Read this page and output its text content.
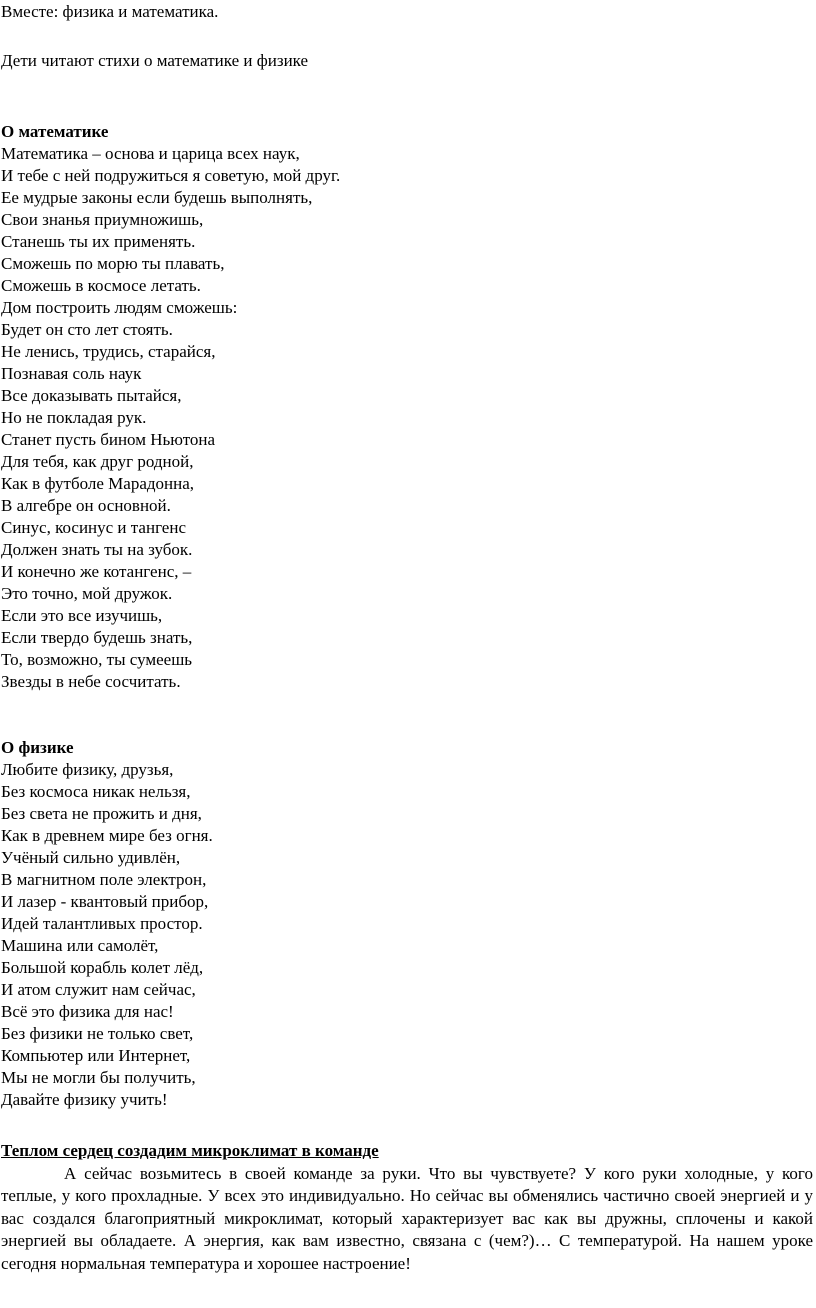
Вместе: физика и математика.
Дети читают стихи о математике и физике
О математике
Математика – основа и царица всех наук,
И тебе с ней подружиться я советую, мой друг.
Ее мудрые законы если будешь выполнять,
Свои знанья приумножишь,
Станешь ты их применять.
Сможешь по морю ты плавать,
Сможешь в космосе летать.
Дом построить людям сможешь:
Будет он сто лет стоять.
Не ленись, трудись, старайся,
Познавая соль наук
Все доказывать пытайся,
Но не покладая рук.
Станет пусть бином Ньютона
Для тебя, как друг родной,
Как в футболе Марадонна,
В алгебре он основной.
Синус, косинус и тангенс
Должен знать ты на зубок.
И конечно же котангенс, –
Это точно, мой дружок.
Если это все изучишь,
Если твердо будешь знать,
То, возможно, ты сумеешь
Звезды в небе сосчитать.
О физике
Любите физику, друзья,
Без космоса никак нельзя,
Без света не прожить и дня,
Как в древнем мире без огня.
Учёный сильно удивлён,
В магнитном поле электрон,
И лазер - квантовый прибор,
Идей талантливых простор.
Машина или самолёт,
Большой корабль колет лёд,
И атом служит нам сейчас,
Всё это физика для нас!
Без физики не только свет,
Компьютер или Интернет,
Мы не могли бы получить,
Давайте физику учить!
Теплом сердец создадим микроклимат в команде

А сейчас возьмитесь в своей команде за руки. Что вы чувствуете? У кого руки холодные, у кого теплые, у кого прохладные. У всех это индивидуально. Но сейчас вы обменялись частично своей энергией и у вас создался благоприятный микроклимат, который характеризует вас как вы дружны, сплочены и какой энергией вы обладаете. А энергия, как вам известно, связана с (чем?)… С температурой. На нашем уроке сегодня нормальная температура и хорошее настроение!
